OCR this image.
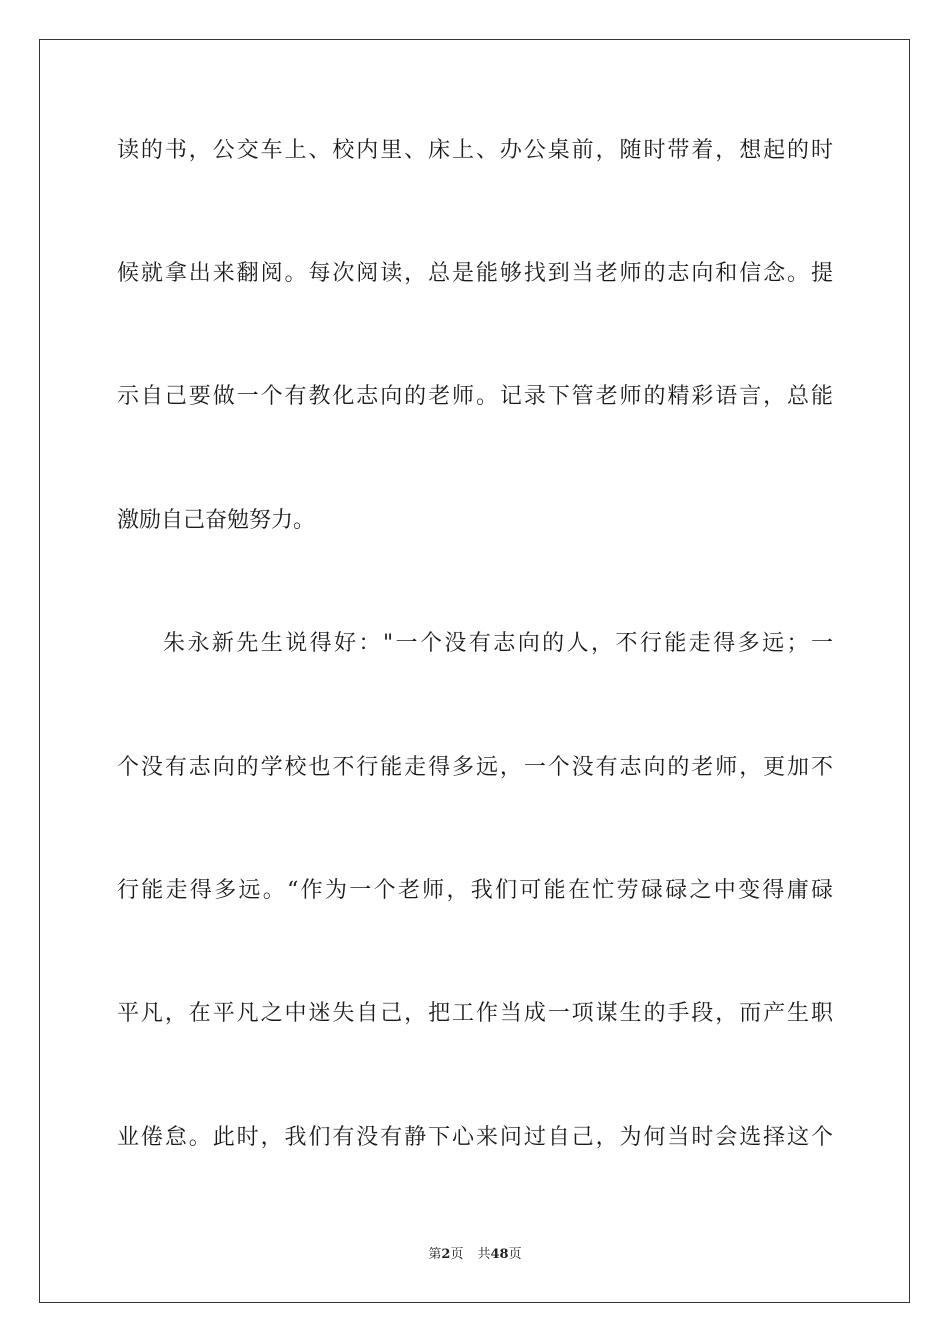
读的书，公交车上、校内里、床上、办公桌前，随时带着，想起的时
候就拿出来翻阅。每次阅读，总是能够找到当老师的志向和信念。提
示自己要做一个有教化志向的老师。记录下管老师的精彩语言，总能
激励自己奋勉努力。
朱永新先生说得好："一个没有志向的人，不行能走得多远；一
个没有志向的学校也不行能走得多远，一个没有志向的老师，更加不
行能走得多远。“作为一个老师，我们可能在忙劳碌碌之中变得庸碌
平凡，在平凡之中迷失自己，把工作当成一项谋生的手段，而产生职
业倦怠。此时，我们有没有静下心来问过自己，为何当时会选择这个
第2页 共48页
